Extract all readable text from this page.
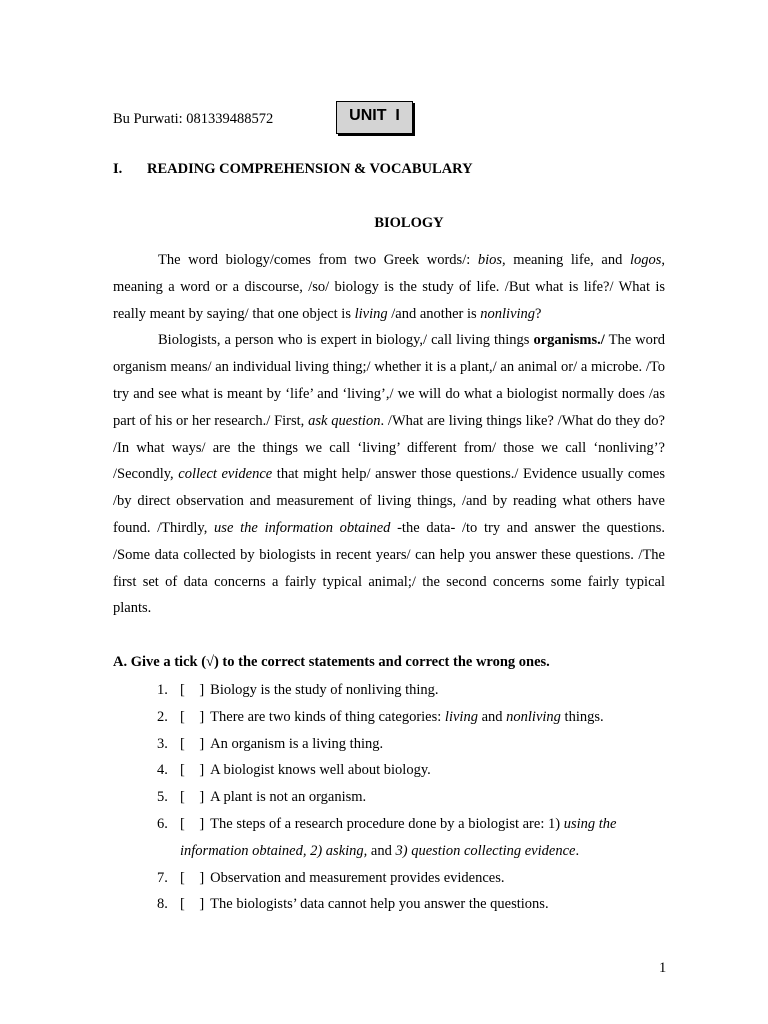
Bu Purwati: 081339488572	UNIT  I
I. READING COMPREHENSION & VOCABULARY
BIOLOGY

The word biology/comes from two Greek words/: bios, meaning life, and logos, meaning a word or a discourse, /so/ biology is the study of life. /But what is life?/ What is really meant by saying/ that one object is living /and another is nonliving?

Biologists, a person who is expert in biology,/ call living things organisms./ The word organism means/ an individual living thing;/ whether it is a plant,/ an animal or/ a microbe. /To try and see what is meant by ‘life’ and ‘living’,/ we will do what a biologist normally does /as part of his or her research./ First, ask question. /What are living things like? /What do they do? /In what ways/ are the things we call ‘living’ different from/ those we call ‘nonliving’? /Secondly, collect evidence that might help/ answer those questions./ Evidence usually comes /by direct observation and measurement of living things, /and by reading what others have found. /Thirdly, use the information obtained -the data- /to try and answer the questions. /Some data collected by biologists in recent years/ can help you answer these questions. /The first set of data concerns a fairly typical animal;/ the second concerns some fairly typical plants.

A. Give a tick (√) to the correct statements and correct the wrong ones.
1. [    ] Biology is the study of nonliving thing.
2. [    ] There are two kinds of thing categories: living and nonliving things.
3. [    ] An organism is a living thing.
4. [    ] A biologist knows well about biology.
5. [    ] A plant is not an organism.
6. [    ] The steps of a research procedure done by a biologist are: 1) using the information obtained, 2) asking, and 3) question collecting evidence.
7. [    ] Observation and measurement provides evidences.
8. [    ] The biologists’ data cannot help you answer the questions.
1
